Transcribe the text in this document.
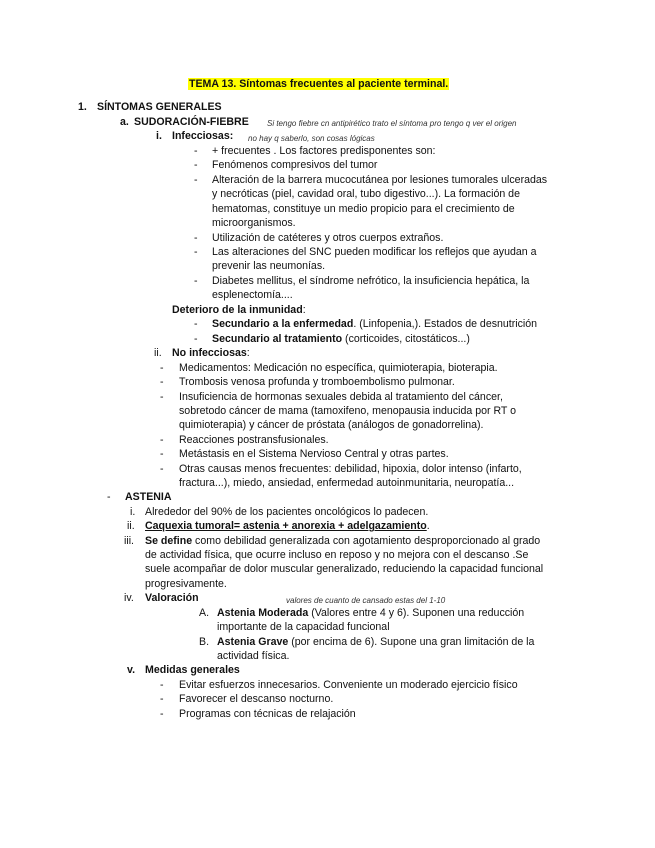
TEMA 13. Síntomas frecuentes al paciente terminal.
1. SÍNTOMAS GENERALES
a. SUDORACIÓN-FIEBRE Si tengo fiebre cn antipirético trato el síntoma pro tengo q ver el origen
i. Infecciosas: no hay q saberlo, son cosas lógicas
- + frecuentes . Los factores predisponentes son:
- Fenómenos compresivos del tumor
- Alteración de la barrera mucocutánea por lesiones tumorales ulceradas
y necróticas (piel, cavidad oral, tubo digestivo...). La formación de
hematomas, constituye un medio propicio para el crecimiento de
microorganismos.
- Utilización de catéteres y otros cuerpos extraños.
- Las alteraciones del SNC pueden modificar los reflejos que ayudan a
prevenir las neumonías.
- Diabetes mellitus, el síndrome nefrótico, la insuficiencia hepática, la
esplenectomía....
Deterioro de la inmunidad:
- Secundario a la enfermedad. (Linfopenia,). Estados de desnutrición
- Secundario al tratamiento (corticoides, citostáticos...)
ii. No infecciosas:
- Medicamentos: Medicación no específica, quimioterapia, bioterapia.
- Trombosis venosa profunda y tromboembolismo pulmonar.
- Insuficiencia de hormonas sexuales debida al tratamiento del cáncer,
sobretodo cáncer de mama (tamoxifeno, menopausia inducida por RT o
quimioterapia) y cáncer de próstata (análogos de gonadorrelina).
- Reacciones postransfusionales.
- Metástasis en el Sistema Nervioso Central y otras partes.
- Otras causas menos frecuentes: debilidad, hipoxia, dolor intenso (infarto,
fractura...), miedo, ansiedad, enfermedad autoinmunitaria, neuropatía...
- ASTENIA
i. Alrededor del 90% de los pacientes oncológicos lo padecen.
ii. Caquexia tumoral= astenia + anorexia + adelgazamiento.
iii. Se define como debilidad generalizada con agotamiento desproporcionado al grado
de actividad física, que ocurre incluso en reposo y no mejora con el descanso .Se
suele acompañar de dolor muscular generalizado, reduciendo la capacidad funcional
progresivamente.
iv. Valoración	valores de cuanto de cansado estas del 1-10
A. Astenia Moderada (Valores entre 4 y 6). Suponen una reducción
importante de la capacidad funcional
B. Astenia Grave (por encima de 6). Supone una gran limitación de la
actividad física.
v. Medidas generales
- Evitar esfuerzos innecesarios. Conveniente un moderado ejercicio físico
- Favorecer el descanso nocturno.
- Programas con técnicas de relajación
